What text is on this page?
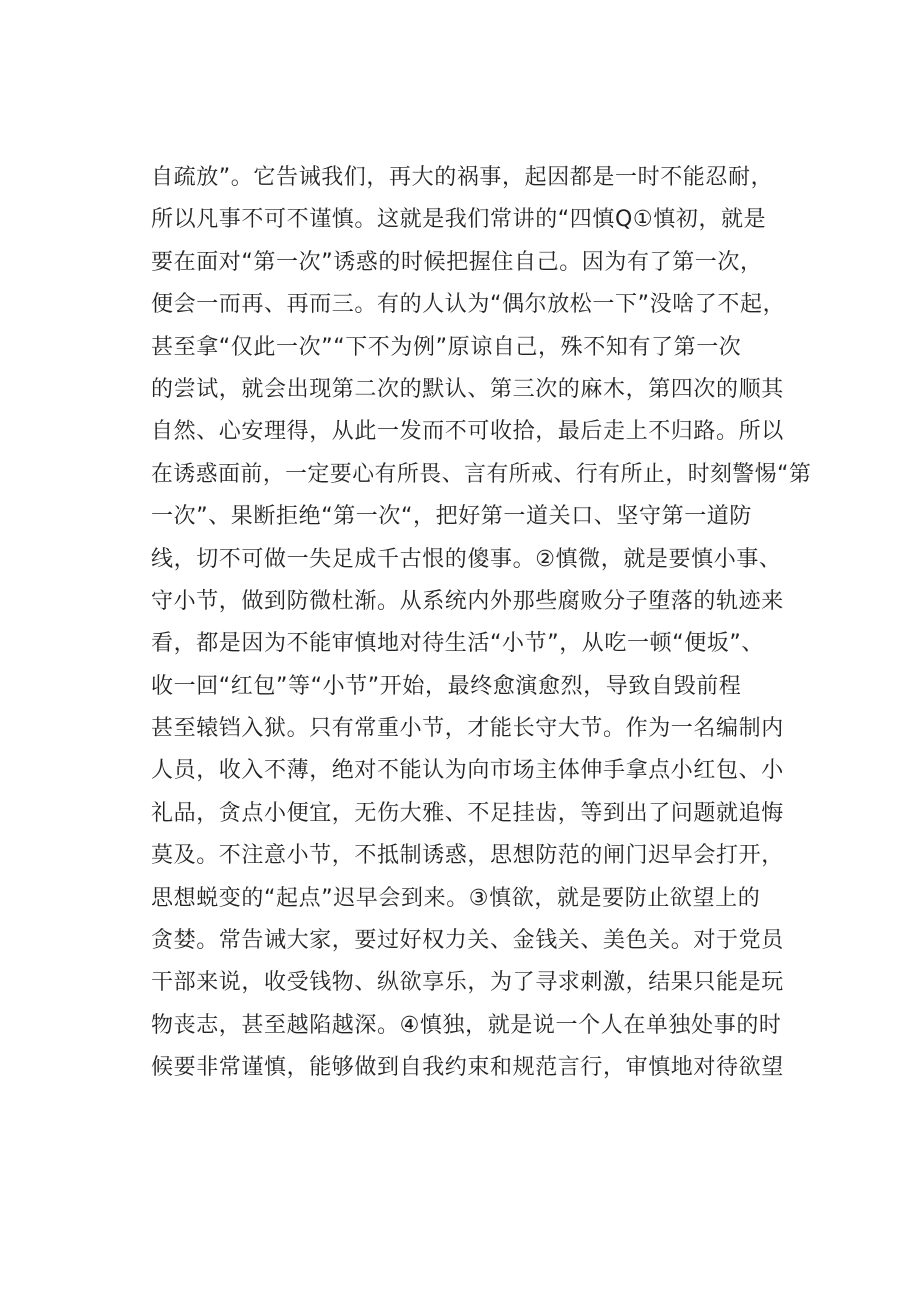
自疏放”。它告诫我们，再大的祸事，起因都是一时不能忍耐，
所以凡事不可不谨慎。这就是我们常讲的“四慎Q①慎初，就是
要在面对“第一次”诱惑的时候把握住自己。因为有了第一次，
便会一而再、再而三。有的人认为“偶尔放松一下”没啥了不起，
甚至拿“仅此一次”“下不为例”原谅自己，殊不知有了第一次
的尝试，就会出现第二次的默认、第三次的麻木，第四次的顺其
自然、心安理得，从此一发而不可收拾，最后走上不归路。所以
在诱惑面前，一定要心有所畏、言有所戒、行有所止，时刻警惕“第
一次”、果断拒绝“第一次“，把好第一道关口、坚守第一道防
线，切不可做一失足成千古恨的傻事。②慎微，就是要慎小事、
守小节，做到防微杜渐。从系统内外那些腐败分子堕落的轨迹来
看，都是因为不能审慎地对待生活“小节”，从吃一顿“便坂”、
收一回“红包”等“小节”开始，最终愈演愈烈，导致自毁前程
甚至辕铛入狱。只有常重小节，才能长守大节。作为一名编制内
人员，收入不薄，绝对不能认为向市场主体伸手拿点小红包、小
礼品，贪点小便宜，无伤大雅、不足挂齿，等到出了问题就追悔
莫及。不注意小节，不抵制诱惑，思想防范的闸门迟早会打开，
思想蜕变的“起点”迟早会到来。③慎欲，就是要防止欲望上的
贪婪。常告诫大家，要过好权力关、金钱关、美色关。对于党员
干部来说，收受钱物、纵欲享乐，为了寻求刺激，结果只能是玩
物丧志，甚至越陷越深。④慎独，就是说一个人在单独处事的时
候要非常谨慎，能够做到自我约束和规范言行，审慎地对待欲望
